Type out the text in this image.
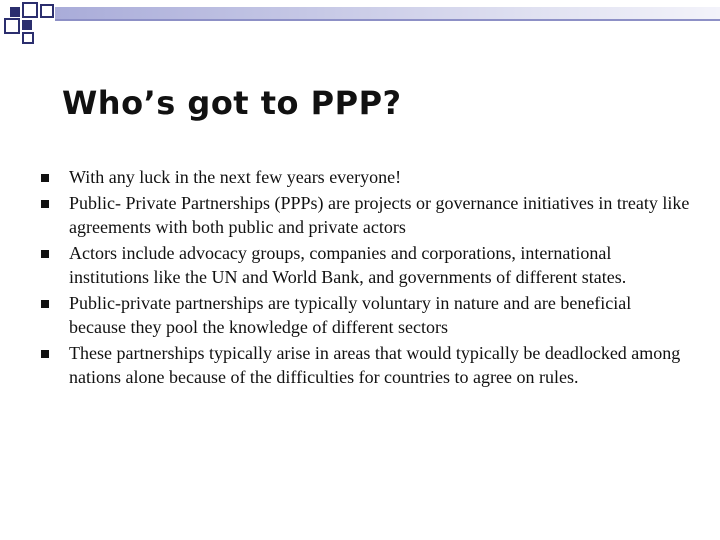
Who’s got to PPP?
With any luck in the next few years everyone!
Public- Private Partnerships (PPPs) are projects or governance initiatives in treaty like agreements with both public and private actors
Actors include advocacy groups, companies and corporations, international institutions like the UN and World Bank, and governments of different states.
Public-private partnerships are typically voluntary in nature and are beneficial because they pool the knowledge of different sectors
These partnerships typically arise in areas that would typically be deadlocked among nations alone because of the difficulties for countries to agree on rules.
